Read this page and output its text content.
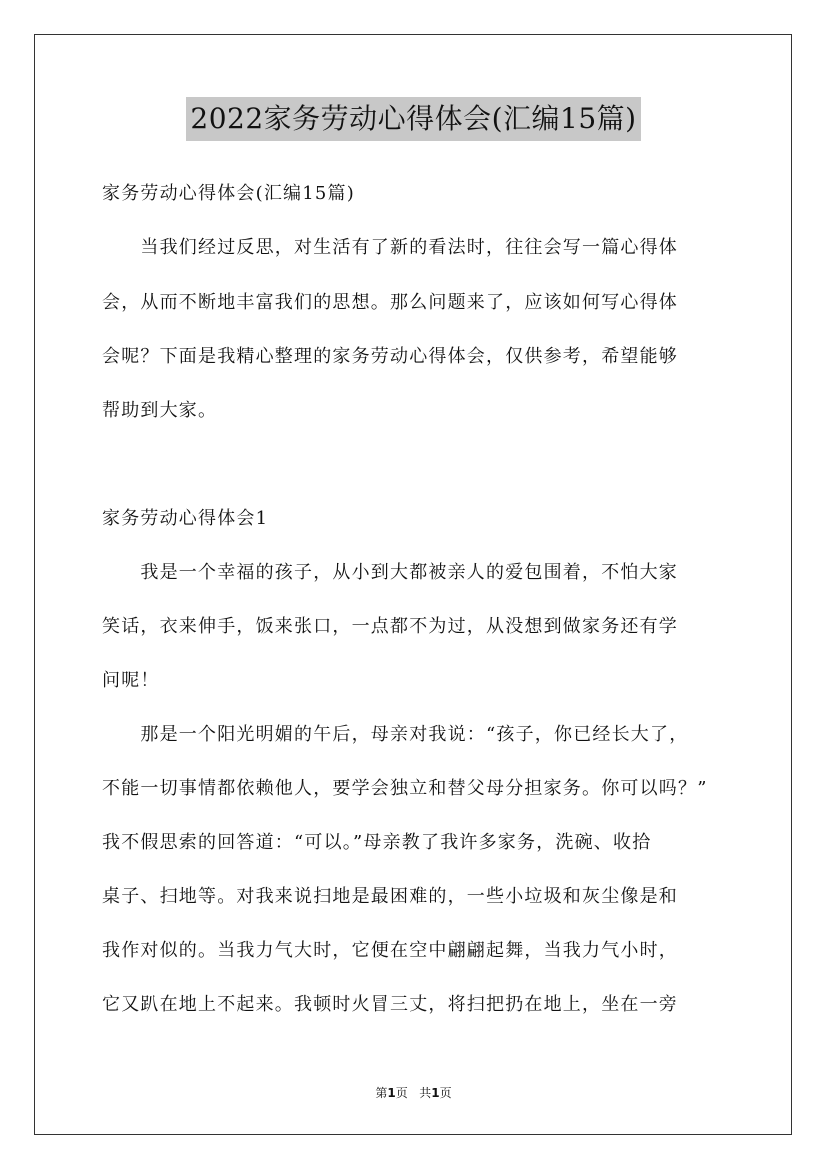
2022家务劳动心得体会(汇编15篇)
家务劳动心得体会(汇编15篇)
　　当我们经过反思，对生活有了新的看法时，往往会写一篇心得体
会，从而不断地丰富我们的思想。那么问题来了，应该如何写心得体
会呢？下面是我精心整理的家务劳动心得体会，仅供参考，希望能够
帮助到大家。
家务劳动心得体会1
　　我是一个幸福的孩子，从小到大都被亲人的爱包围着，不怕大家
笑话，衣来伸手，饭来张口，一点都不为过，从没想到做家务还有学
问呢！
　　那是一个阳光明媚的午后，母亲对我说：“孩子，你已经长大了，
不能一切事情都依赖他人，要学会独立和替父母分担家务。你可以吗？”
我不假思索的回答道：“可以。”母亲教了我许多家务，洗碗、收拾
桌子、扫地等。对我来说扫地是最困难的，一些小垃圾和灰尘像是和
我作对似的。当我力气大时，它便在空中翩翩起舞，当我力气小时，
它又趴在地上不起来。我顿时火冒三丈，将扫把扔在地上，坐在一旁
第1页 共1页
